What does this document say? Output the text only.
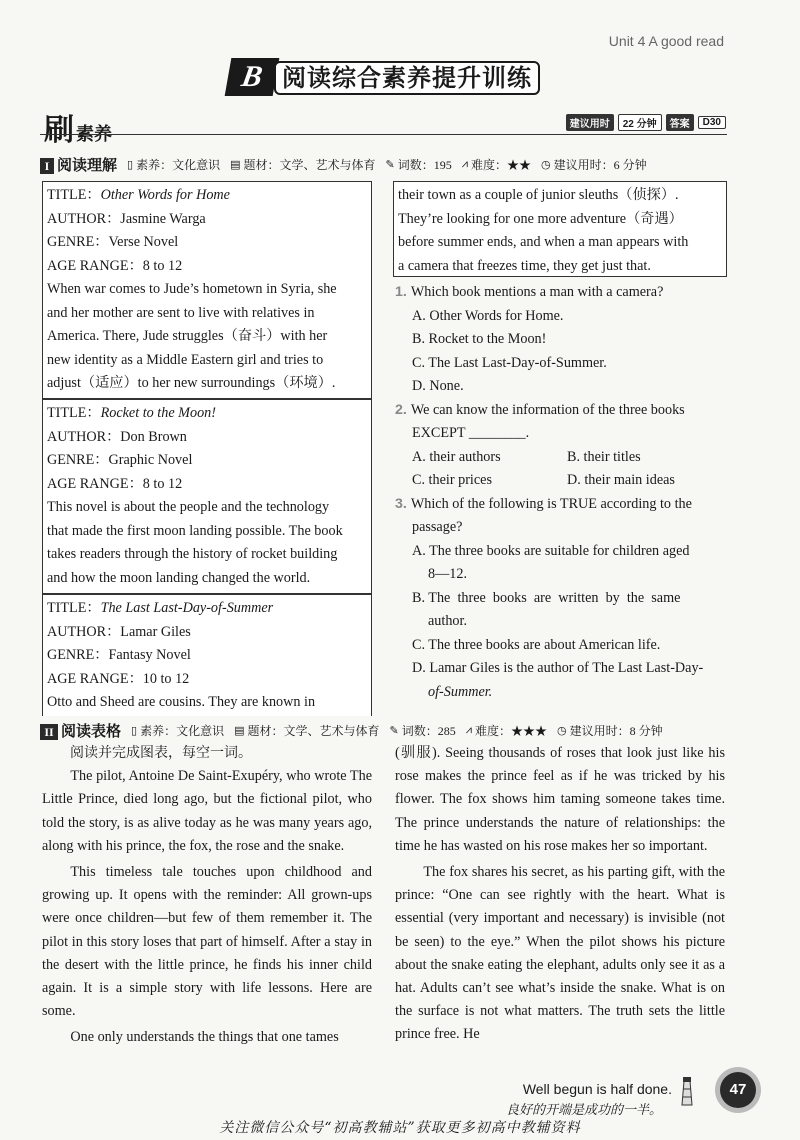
Unit 4 A good read
B 阅读综合素养提升训练
刷素养	建议用时	22 分钟	答案	D30
I 阅读理解 ▯ 素养：文化意识 ▤ 题材：文学、艺术与体育 ✎ 词数：195 ⩘ 难度：★★ ◷ 建议用时：6 分钟
TITLE：Other Words for Home
AUTHOR：Jasmine Warga
GENRE：Verse Novel
AGE RANGE：8 to 12
When war comes to Jude’s hometown in Syria, she
and her mother are sent to live with relatives in
America. There, Jude struggles（奋斗）with her
new identity as a Middle Eastern girl and tries to
adjust（适应）to her new surroundings（环境）.
TITLE：Rocket to the Moon!
AUTHOR：Don Brown
GENRE：Graphic Novel
AGE RANGE：8 to 12
This novel is about the people and the technology
that made the first moon landing possible. The book
takes readers through the history of rocket building
and how the moon landing changed the world.
TITLE：The Last Last-Day-of-Summer
AUTHOR：Lamar Giles
GENRE：Fantasy Novel
AGE RANGE：10 to 12
Otto and Sheed are cousins. They are known in
their town as a couple of junior sleuths（侦探）.
They’re looking for one more adventure（奇遇）
before summer ends, and when a man appears with
a camera that freezes time, they get just that.
1. Which book mentions a man with a camera?
A. Other Words for Home.
B. Rocket to the Moon!
C. The Last Last-Day-of-Summer.
D. None.
2. We can know the information of the three books
EXCEPT ________.
A. their authors	B. their titles
C. their prices	D. their main ideas
3. Which of the following is TRUE according to the
passage?
A. The three books are suitable for children aged
8—12.
B. The  three  books  are  written  by  the  same
author.
C. The three books are about American life.
D. Lamar Giles is the author of The Last Last-Day-
of-Summer.
II 阅读表格 ▯ 素养：文化意识 ▤ 题材：文学、艺术与体育 ✎ 词数：285 ⩘ 难度：★★★ ◷ 建议用时：8 分钟

阅读并完成图表，每空一词。

The pilot, Antoine De Saint-Exupéry, who wrote The Little Prince, died long ago, but the fictional pilot, who told the story, is as alive today as he was many years ago, along with his prince, the fox, the rose and the snake.

This timeless tale touches upon childhood and growing up. It opens with the reminder: All grown-ups were once children—but few of them remember it. The pilot in this story loses that part of himself. After a stay in the desert with the little prince, he finds his inner child again. It is a simple story with life lessons. Here are some.

One only understands the things that one tames

(驯服). Seeing thousands of roses that look just like his rose makes the prince feel as if he was tricked by his flower. The fox shows him taming someone takes time. The prince understands the nature of relationships: the time he has wasted on his rose makes her so important.

The fox shares his secret, as his parting gift, with the prince: “One can see rightly with the heart. What is essential (very important and necessary) is invisible (not be seen) to the eye.” When the pilot shows his picture about the snake eating the elephant, adults only see it as a hat. Adults can’t see what’s inside the snake. What is on the surface is not what matters. The truth sets the little prince free. He

Well begun is half done.
良好的开端是成功的一半。
47
关注微信公众号“初高教辅站”获取更多初高中教辅资料
